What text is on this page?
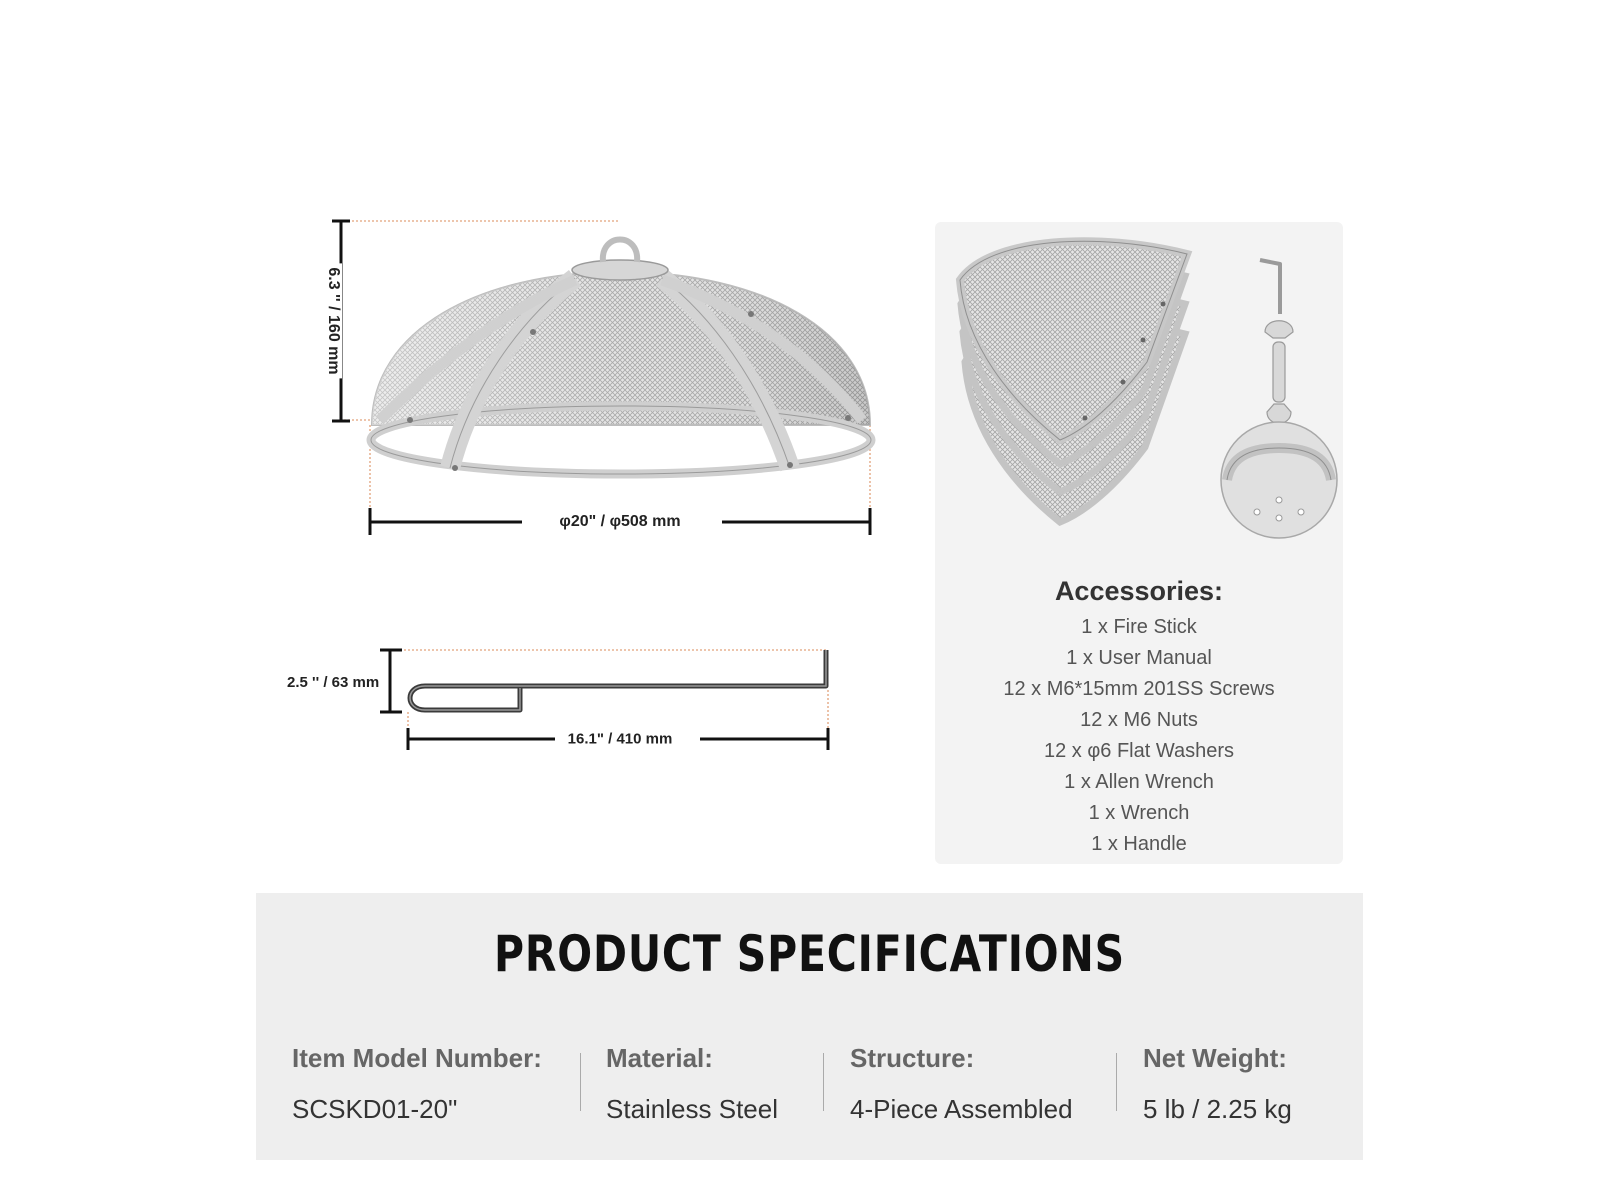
6.3 '' / 160 mm
φ20" / φ508 mm
2.5 '' / 63 mm
16.1" / 410 mm
Accessories:
1 x Fire Stick
1 x User Manual
12 x M6*15mm 201SS Screws
12 x M6 Nuts
12 x φ6 Flat Washers
1 x Allen Wrench
1 x Wrench
1 x Handle
PRODUCT SPECIFICATIONS
Item Model Number:
SCSKD01-20"
Material:
Stainless Steel
Structure:
4-Piece Assembled
Net Weight:
5 lb / 2.25 kg
